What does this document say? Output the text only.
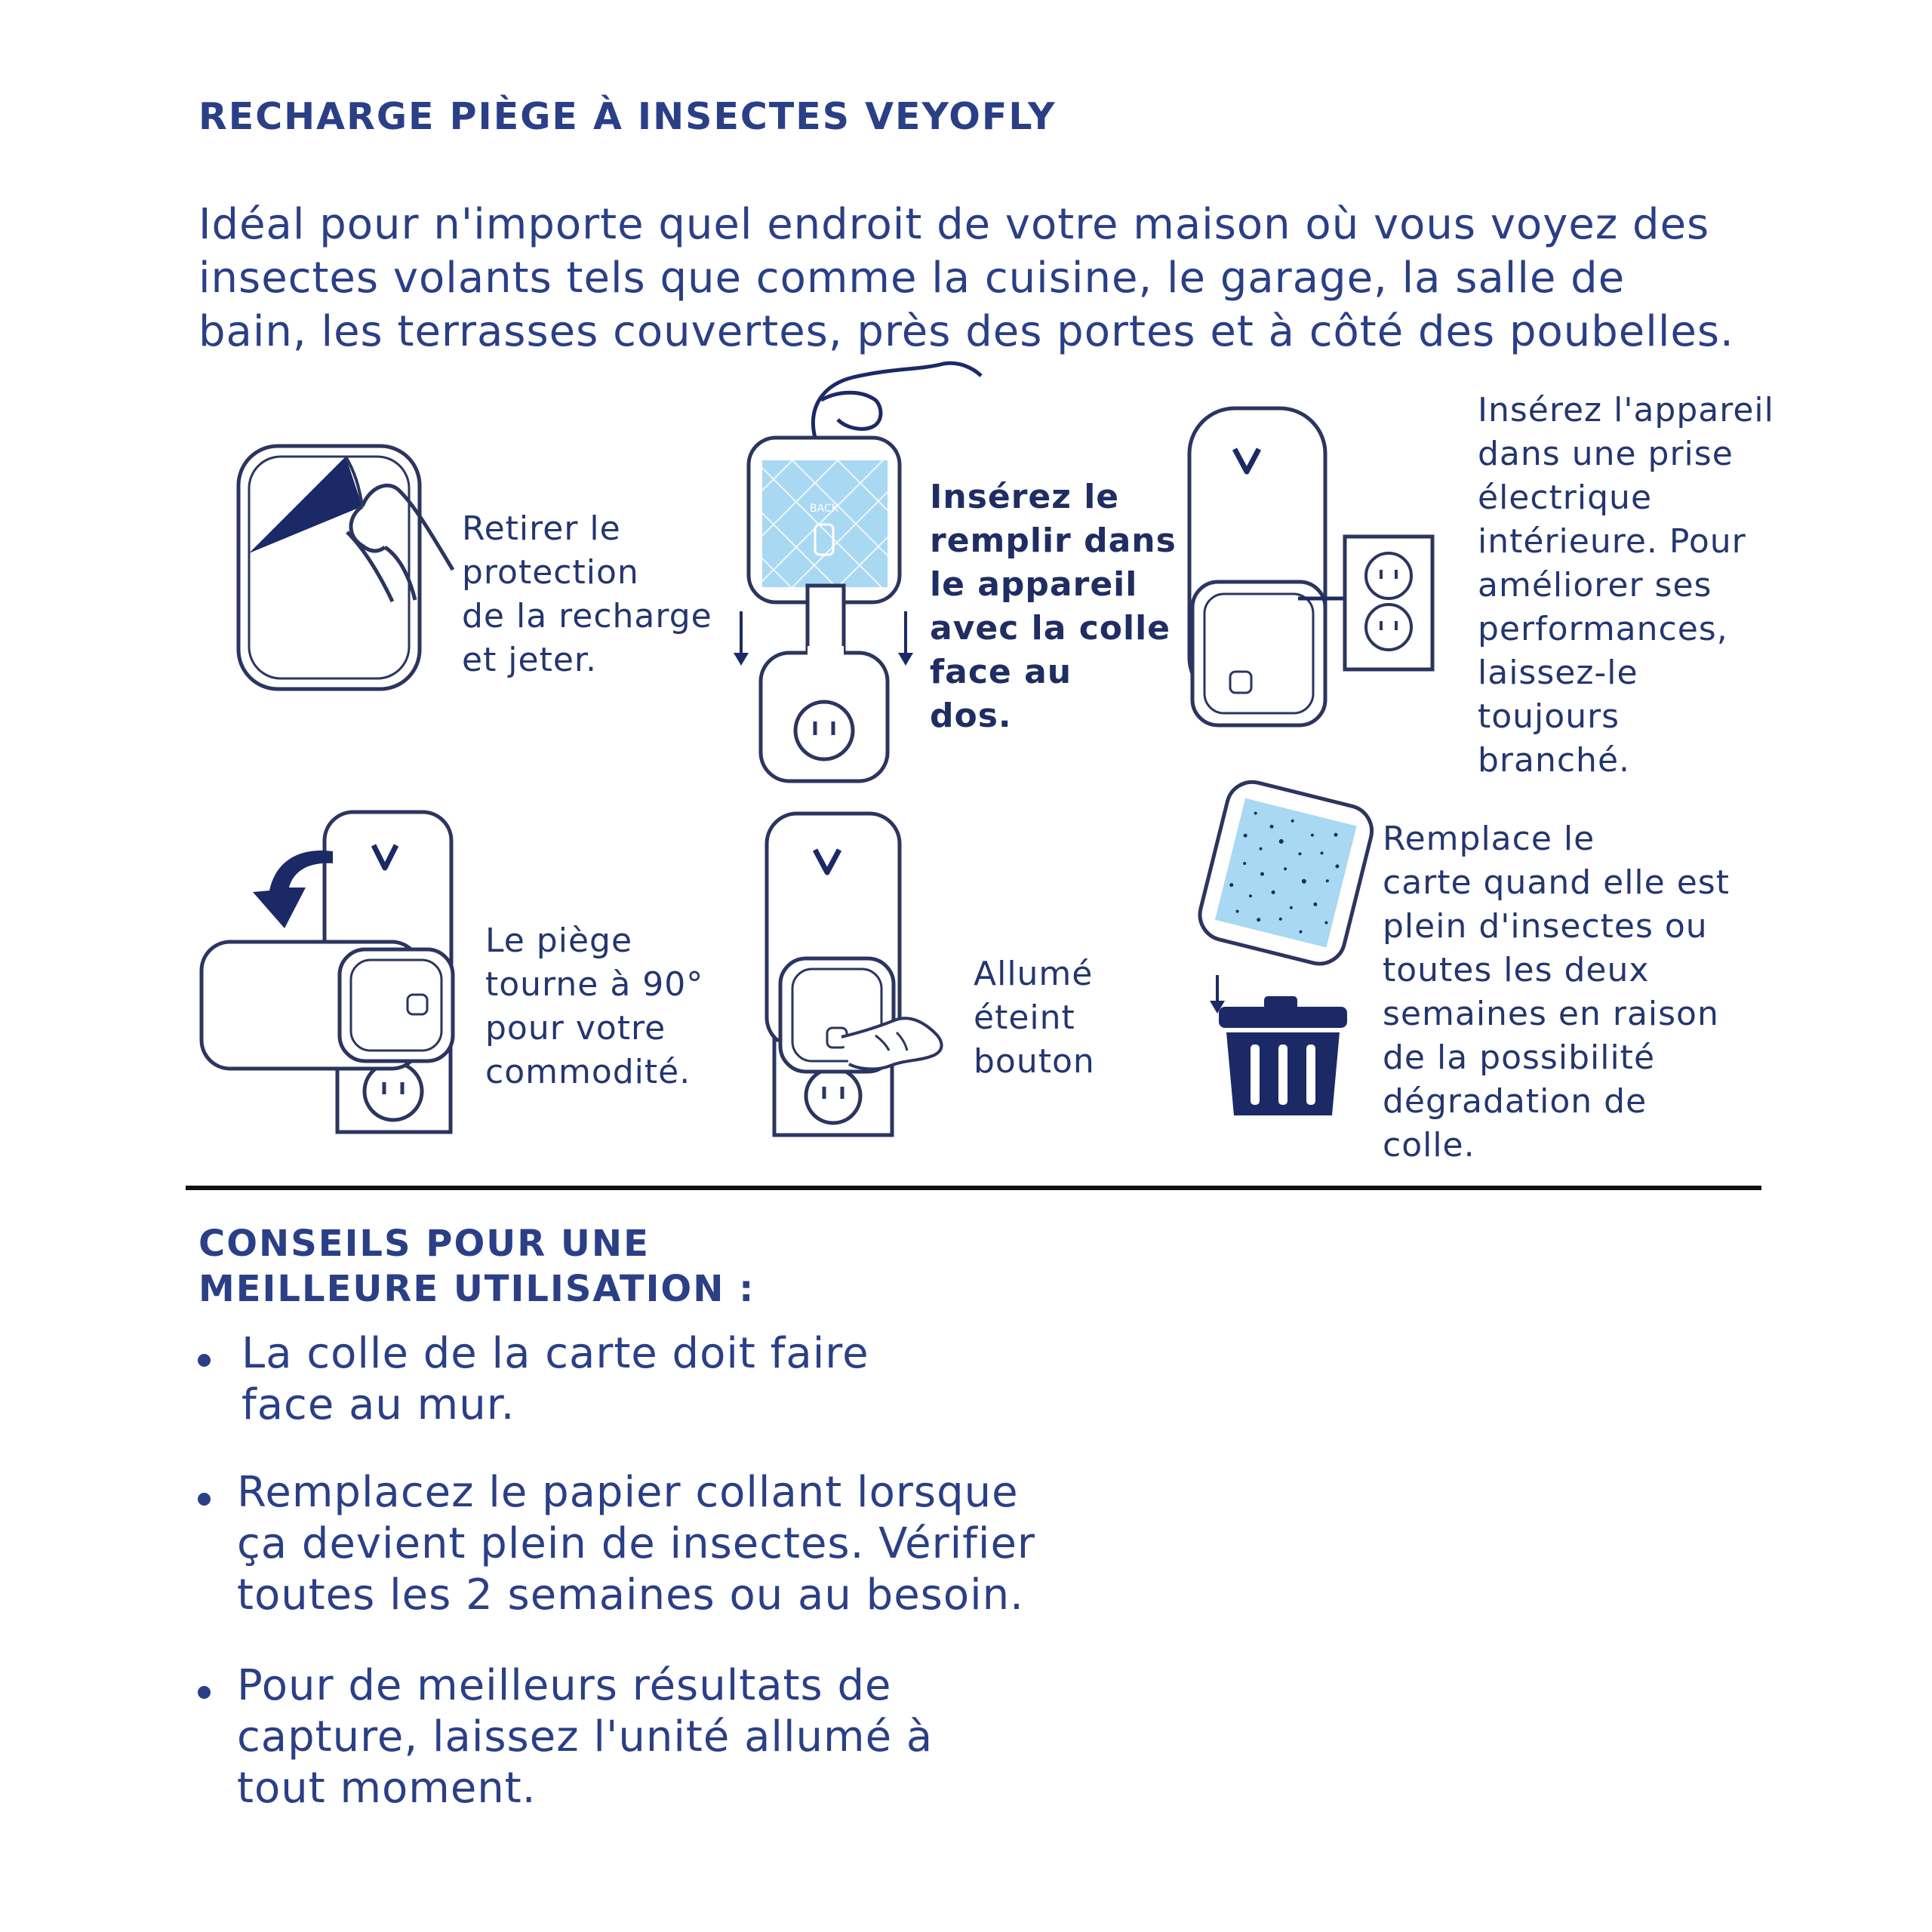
RECHARGE PIÈGE À INSECTES VEYOFLY
Idéal pour n'importe quel endroit de votre maison où vous voyez des
insectes volants tels que comme la cuisine, le garage, la salle de
bain, les terrasses couvertes, près des portes et à côté des poubelles.
Retirer le
protection
de la recharge
et jeter.
BACK	Insérez le
remplir dans
le appareil
avec la colle
face au
dos.
Insérez l'appareil
dans une prise
électrique
intérieure. Pour
améliorer ses
performances,
laissez-le
toujours
branché.
Le piège
tourne à 90°
pour votre
commodité.
Allumé
éteint
bouton
Remplace le
carte quand elle est
plein d'insectes ou
toutes les deux
semaines en raison
de la possibilité
dégradation de
colle.
CONSEILS POUR UNE
MEILLEURE UTILISATION :
La colle de la carte doit faire
face au mur.
Remplacez le papier collant lorsque
ça devient plein de insectes. Vérifier
toutes les 2 semaines ou au besoin.
Pour de meilleurs résultats de
capture, laissez l'unité allumé à
tout moment.
